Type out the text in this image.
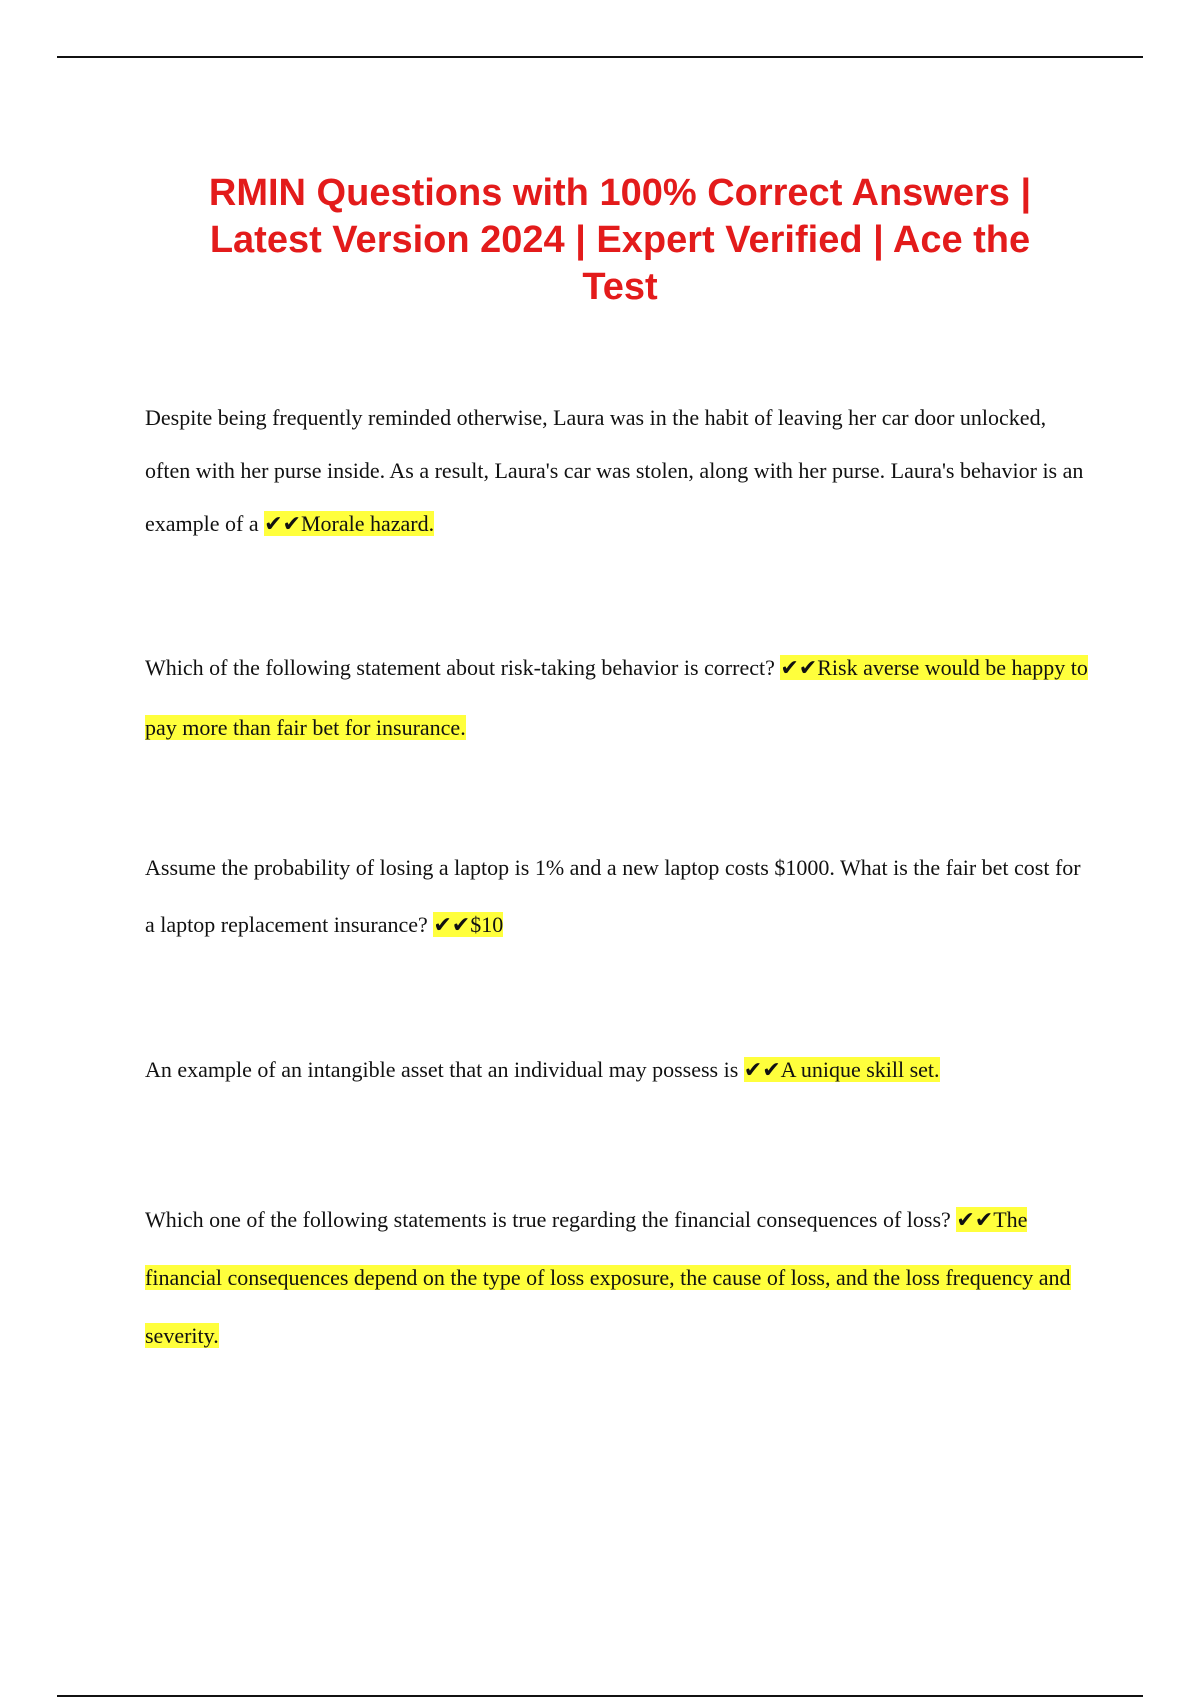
RMIN Questions with 100% Correct Answers | Latest Version 2024 | Expert Verified | Ace the Test

Despite being frequently reminded otherwise, Laura was in the habit of leaving her car door unlocked, often with her purse inside. As a result, Laura's car was stolen, along with her purse. Laura's behavior is an example of a ✔✔Morale hazard.

Which of the following statement about risk-taking behavior is correct? ✔✔Risk averse would be happy to pay more than fair bet for insurance.

Assume the probability of losing a laptop is 1% and a new laptop costs $1000. What is the fair bet cost for a laptop replacement insurance? ✔✔$10

An example of an intangible asset that an individual may possess is ✔✔A unique skill set.

Which one of the following statements is true regarding the financial consequences of loss? ✔✔The financial consequences depend on the type of loss exposure, the cause of loss, and the loss frequency and severity.
